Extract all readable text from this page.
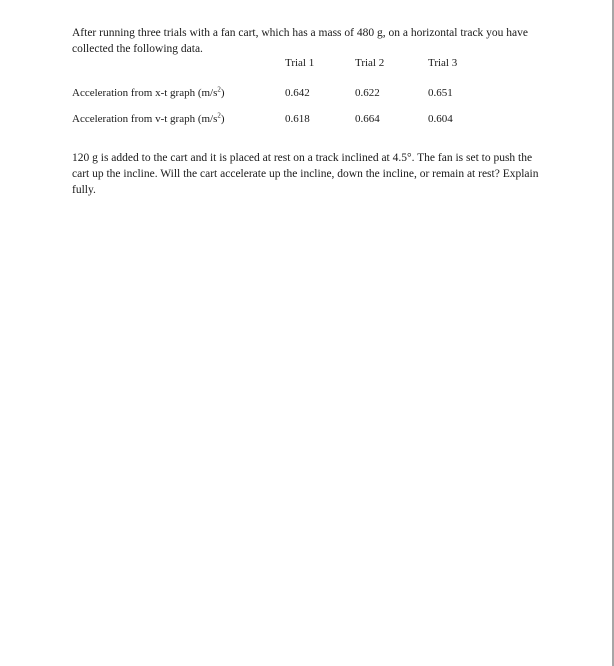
After running three trials with a fan cart, which has a mass of 480 g, on a horizontal track you have collected the following data.

	Trial 1	Trial 2	Trial 3
Acceleration from x-t graph $(m/s^2)$	0.642	0.622	0.651
Acceleration from v-t graph $(m/s^2)$	0.618	0.664	0.604

120 g is added to the cart and it is placed at rest on a track inclined at 4.5°. The fan is set to push the cart up the incline. Will the cart accelerate up the incline, down the incline, or remain at rest? Explain fully.
